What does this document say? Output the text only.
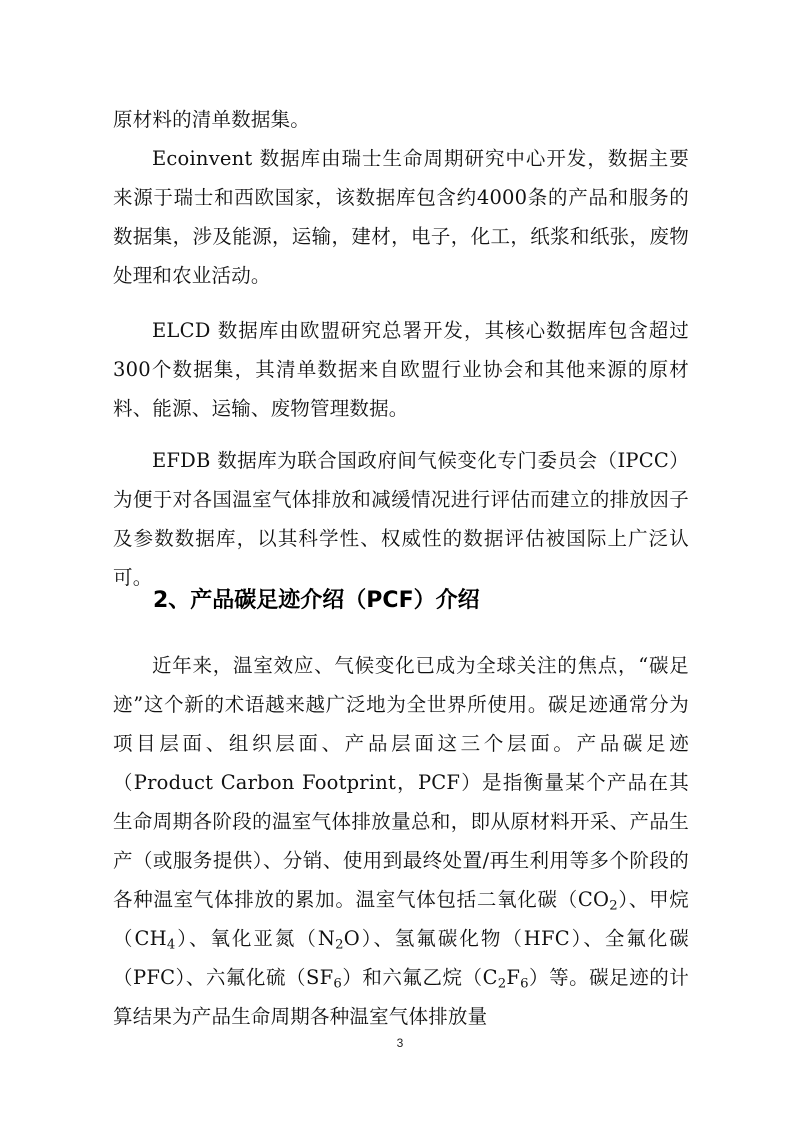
原材料的清单数据集。

Ecoinvent 数据库由瑞士生命周期研究中心开发，数据主要来源于瑞士和西欧国家，该数据库包含约4000条的产品和服务的数据集，涉及能源，运输，建材，电子，化工，纸浆和纸张，废物处理和农业活动。

ELCD 数据库由欧盟研究总署开发，其核心数据库包含超过 300个数据集，其清单数据来自欧盟行业协会和其他来源的原材料、能源、运输、废物管理数据。

EFDB 数据库为联合国政府间气候变化专门委员会（IPCC）为便于对各国温室气体排放和减缓情况进行评估而建立的排放因子及参数数据库，以其科学性、权威性的数据评估被国际上广泛认可。

2、产品碳足迹介绍（PCF）介绍

近年来，温室效应、气候变化已成为全球关注的焦点，“碳足迹”这个新的术语越来越广泛地为全世界所使用。碳足迹通常分为项目层面、组织层面、产品层面这三个层面。产品碳足迹（Product Carbon Footprint，PCF）是指衡量某个产品在其生命周期各阶段的温室气体排放量总和，即从原材料开采、产品生产（或服务提供）、分销、使用到最终处置/再生利用等多个阶段的各种温室气体排放的累加。温室气体包括二氧化碳$(CO_2)$、甲烷$(CH_4)$、氧化亚氮$(N_2O)$、氢氟碳化物（HFC）、全氟化碳（PFC）、六氟化硫$(SF_6)$和六氟乙烷$(C_2F_6)$等。碳足迹的计算结果为产品生命周期各种温室气体排放量

3
